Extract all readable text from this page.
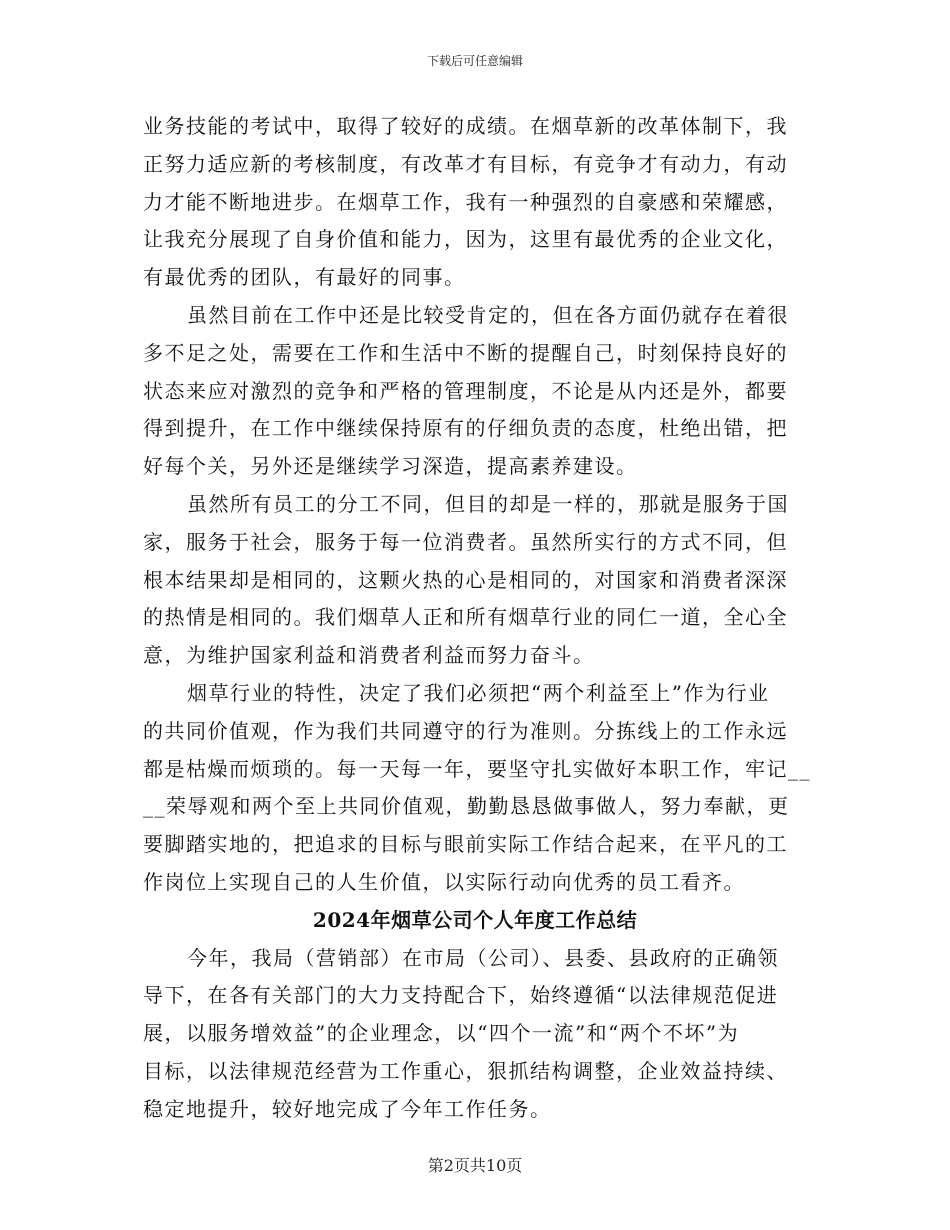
下载后可任意编辑
业务技能的考试中，取得了较好的成绩。在烟草新的改革体制下，我
正努力适应新的考核制度，有改革才有目标，有竞争才有动力，有动
力才能不断地进步。在烟草工作，我有一种强烈的自豪感和荣耀感，
让我充分展现了自身价值和能力，因为，这里有最优秀的企业文化，
有最优秀的团队，有最好的同事。
虽然目前在工作中还是比较受肯定的，但在各方面仍就存在着很
多不足之处，需要在工作和生活中不断的提醒自己，时刻保持良好的
状态来应对激烈的竞争和严格的管理制度，不论是从内还是外，都要
得到提升，在工作中继续保持原有的仔细负责的态度，杜绝出错，把
好每个关，另外还是继续学习深造，提高素养建设。
虽然所有员工的分工不同，但目的却是一样的，那就是服务于国
家，服务于社会，服务于每一位消费者。虽然所实行的方式不同，但
根本结果却是相同的，这颗火热的心是相同的，对国家和消费者深深
的热情是相同的。我们烟草人正和所有烟草行业的同仁一道，全心全
意，为维护国家利益和消费者利益而努力奋斗。
烟草行业的特性，决定了我们必须把“两个利益至上”作为行业
的共同价值观，作为我们共同遵守的行为准则。分拣线上的工作永远
都是枯燥而烦琐的。每一天每一年，要坚守扎实做好本职工作，牢记__
__荣辱观和两个至上共同价值观，勤勤恳恳做事做人，努力奉献，更
要脚踏实地的，把追求的目标与眼前实际工作结合起来，在平凡的工
作岗位上实现自己的人生价值，以实际行动向优秀的员工看齐。
2024年烟草公司个人年度工作总结
今年，我局（营销部）在市局（公司）、县委、县政府的正确领
导下，在各有关部门的大力支持配合下，始终遵循“以法律规范促进
展，以服务增效益”的企业理念，以“四个一流”和“两个不坏”为
目标，以法律规范经营为工作重心，狠抓结构调整，企业效益持续、
稳定地提升，较好地完成了今年工作任务。
第2页共10页
